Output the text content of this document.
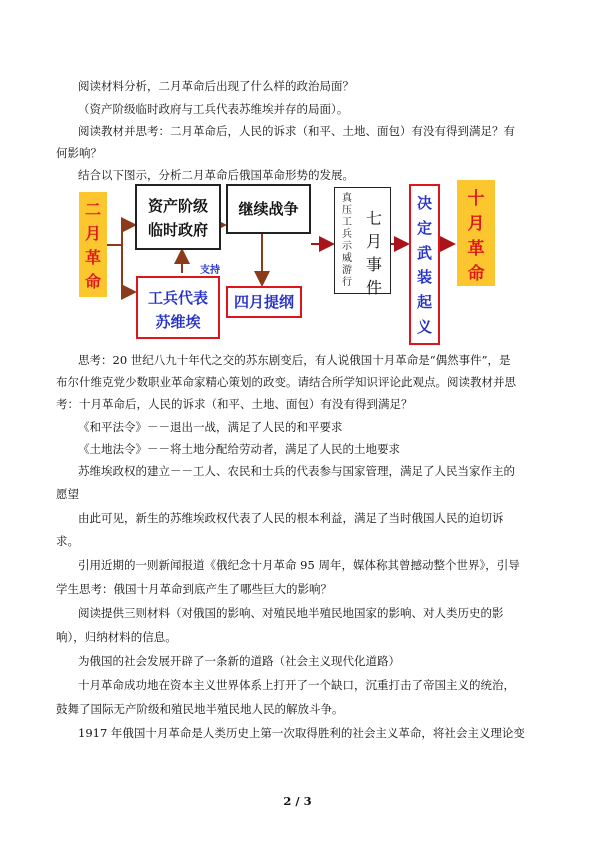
阅读材料分析，二月革命后出现了什么样的政治局面？
（资产阶级临时政府与工兵代表苏维埃并存的局面）。
阅读教材并思考：二月革命后，人民的诉求（和平、土地、面包）有没有得到满足？有
何影响？
结合以下图示，分析二月革命后俄国革命形势的发展。
二
月
革
命
资产阶级
临时政府
支持
工兵代表
苏维埃
继续战争
四月提纲
真
压
工
兵
示
威
游
行
七
月
事
件
决
定
武
装
起
义
十
月
革
命
思考：20 世纪八九十年代之交的苏东剧变后，有人说俄国十月革命是“偶然事件”，是
布尔什维克党少数职业革命家精心策划的政变。请结合所学知识评论此观点。阅读教材并思
考：十月革命后，人民的诉求（和平、土地、面包）有没有得到满足？
《和平法令》－－退出一战，满足了人民的和平要求
《土地法令》－－将土地分配给劳动者，满足了人民的土地要求
苏维埃政权的建立－－工人、农民和士兵的代表参与国家管理，满足了人民当家作主的
愿望
由此可见，新生的苏维埃政权代表了人民的根本利益，满足了当时俄国人民的迫切诉
求。
引用近期的一则新闻报道《俄纪念十月革命 95 周年，媒体称其曾撼动整个世界》，引导
学生思考：俄国十月革命到底产生了哪些巨大的影响？
阅读提供三则材料（对俄国的影响、对殖民地半殖民地国家的影响、对人类历史的影
响），归纳材料的信息。
为俄国的社会发展开辟了一条新的道路（社会主义现代化道路）
十月革命成功地在资本主义世界体系上打开了一个缺口，沉重打击了帝国主义的统治，
鼓舞了国际无产阶级和殖民地半殖民地人民的解放斗争。
1917 年俄国十月革命是人类历史上第一次取得胜利的社会主义革命，将社会主义理论变
2 / 3
